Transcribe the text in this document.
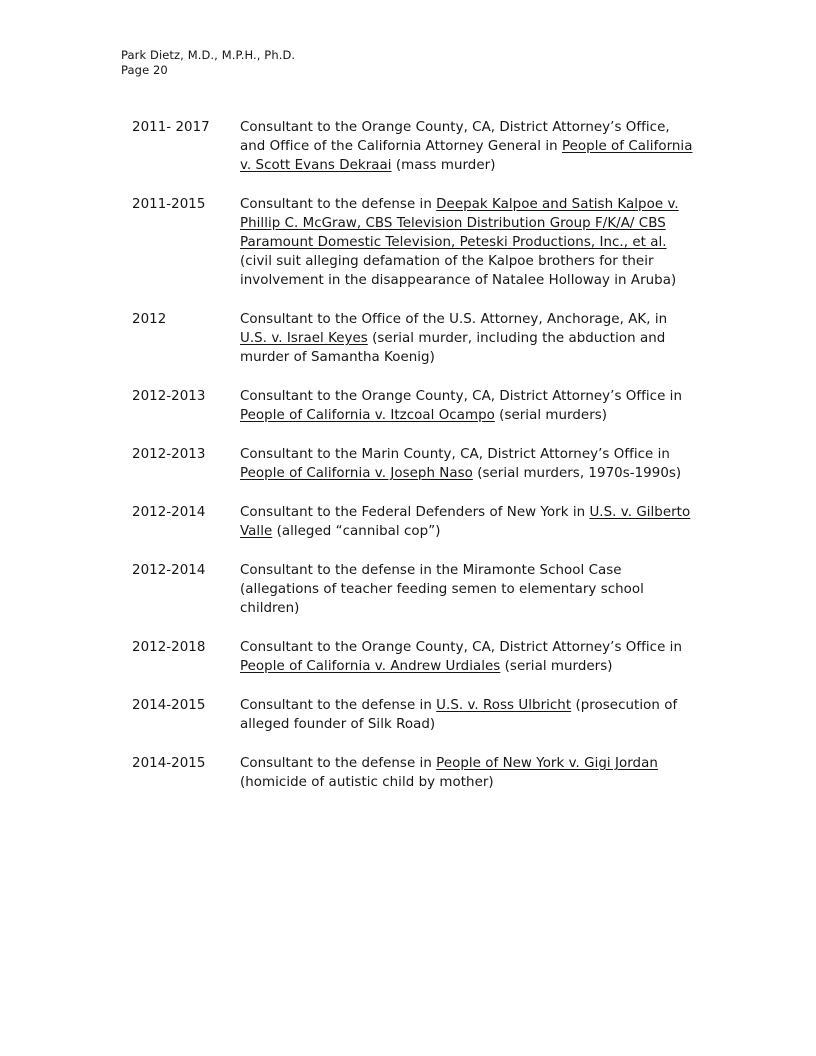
Park Dietz, M.D., M.P.H., Ph.D.
Page 20
2011- 2017	Consultant to the Orange County, CA, District Attorney’s Office, and Office of the California Attorney General in People of California v. Scott Evans Dekraai (mass murder)
2011-2015	Consultant to the defense in Deepak Kalpoe and Satish Kalpoe v. Phillip C. McGraw, CBS Television Distribution Group F/K/A/ CBS Paramount Domestic Television, Peteski Productions, Inc., et al. (civil suit alleging defamation of the Kalpoe brothers for their involvement in the disappearance of Natalee Holloway in Aruba)
2012	Consultant to the Office of the U.S. Attorney, Anchorage, AK, in U.S. v. Israel Keyes (serial murder, including the abduction and murder of Samantha Koenig)
2012-2013	Consultant to the Orange County, CA, District Attorney’s Office in People of California v. Itzcoal Ocampo (serial murders)
2012-2013	Consultant to the Marin County, CA, District Attorney’s Office in People of California v. Joseph Naso (serial murders, 1970s-1990s)
2012-2014	Consultant to the Federal Defenders of New York in U.S. v. Gilberto Valle (alleged “cannibal cop”)
2012-2014	Consultant to the defense in the Miramonte School Case (allegations of teacher feeding semen to elementary school children)
2012-2018	Consultant to the Orange County, CA, District Attorney’s Office in People of California v. Andrew Urdiales (serial murders)
2014-2015	Consultant to the defense in U.S. v. Ross Ulbricht (prosecution of alleged founder of Silk Road)
2014-2015	Consultant to the defense in People of New York v. Gigi Jordan (homicide of autistic child by mother)
